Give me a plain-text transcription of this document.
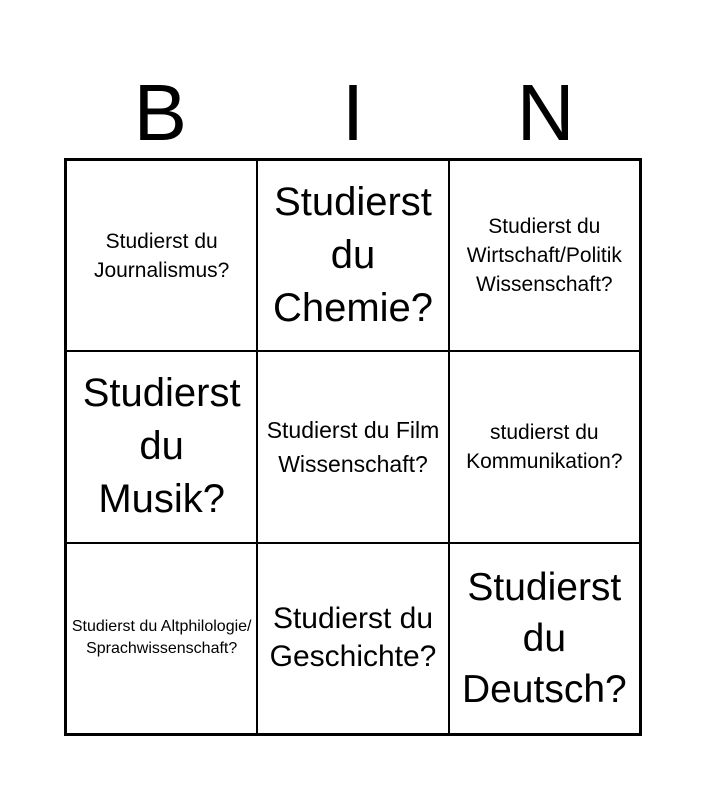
B	I	N
Studierst du Journalismus?
Studierst du Chemie?
Studierst du Wirtschaft/Politik Wissenschaft?
Studierst du Musik?
Studierst du Film Wissenschaft?
studierst du Kommunikation?
Studierst du Altphilologie/ Sprachwissenschaft?
Studierst du Geschichte?
Studierst du Deutsch?
